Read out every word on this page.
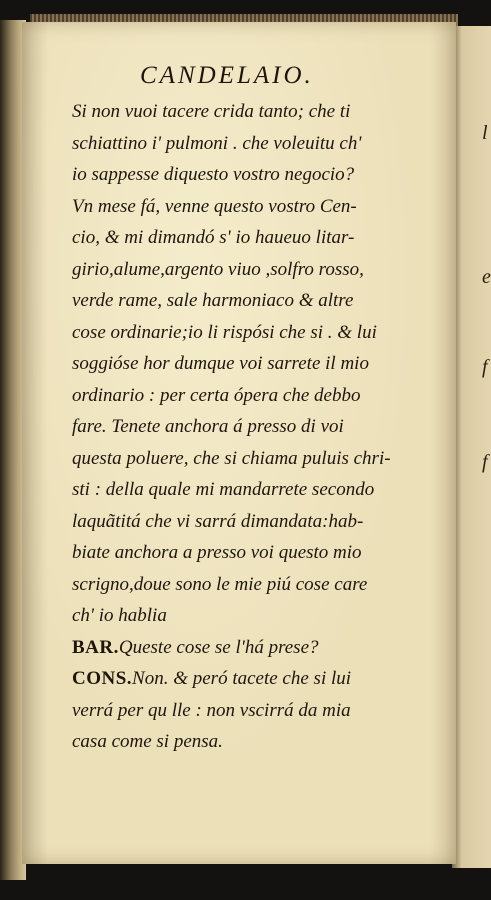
l
e
f
f
CANDELAIO.
Si non vuoi tacere crida tanto; che ti
schiattino i' pulmoni . che voleuitu ch'
io sappesse diquesto vostro negocio?
Vn mese fá, venne questo vostro Cen-
cio, & mi dimandó s' io haueuo litar-
girio,alume,argento viuo ,solfro rosso,
verde rame, sale harmoniaco & altre
cose ordinarie;io li rispósi che si . & lui
soggióse hor dumque voi sarrete il mio
ordinario : per certa ópera che debbo
fare. Tenete anchora á presso di voi
questa poluere, che si chiama puluis chri-
sti : della quale mi mandarrete secondo
laquãtitá che vi sarrá dimandata:hab-
biate anchora a presso voi questo mio
scrigno,doue sono le mie piú cose care
ch' io hablia
BAR.Queste cose se l'há prese?
CONS.Non. & peró tacete che si lui
verrá per qu lle : non vscirrá da mia
casa come si pensa.
